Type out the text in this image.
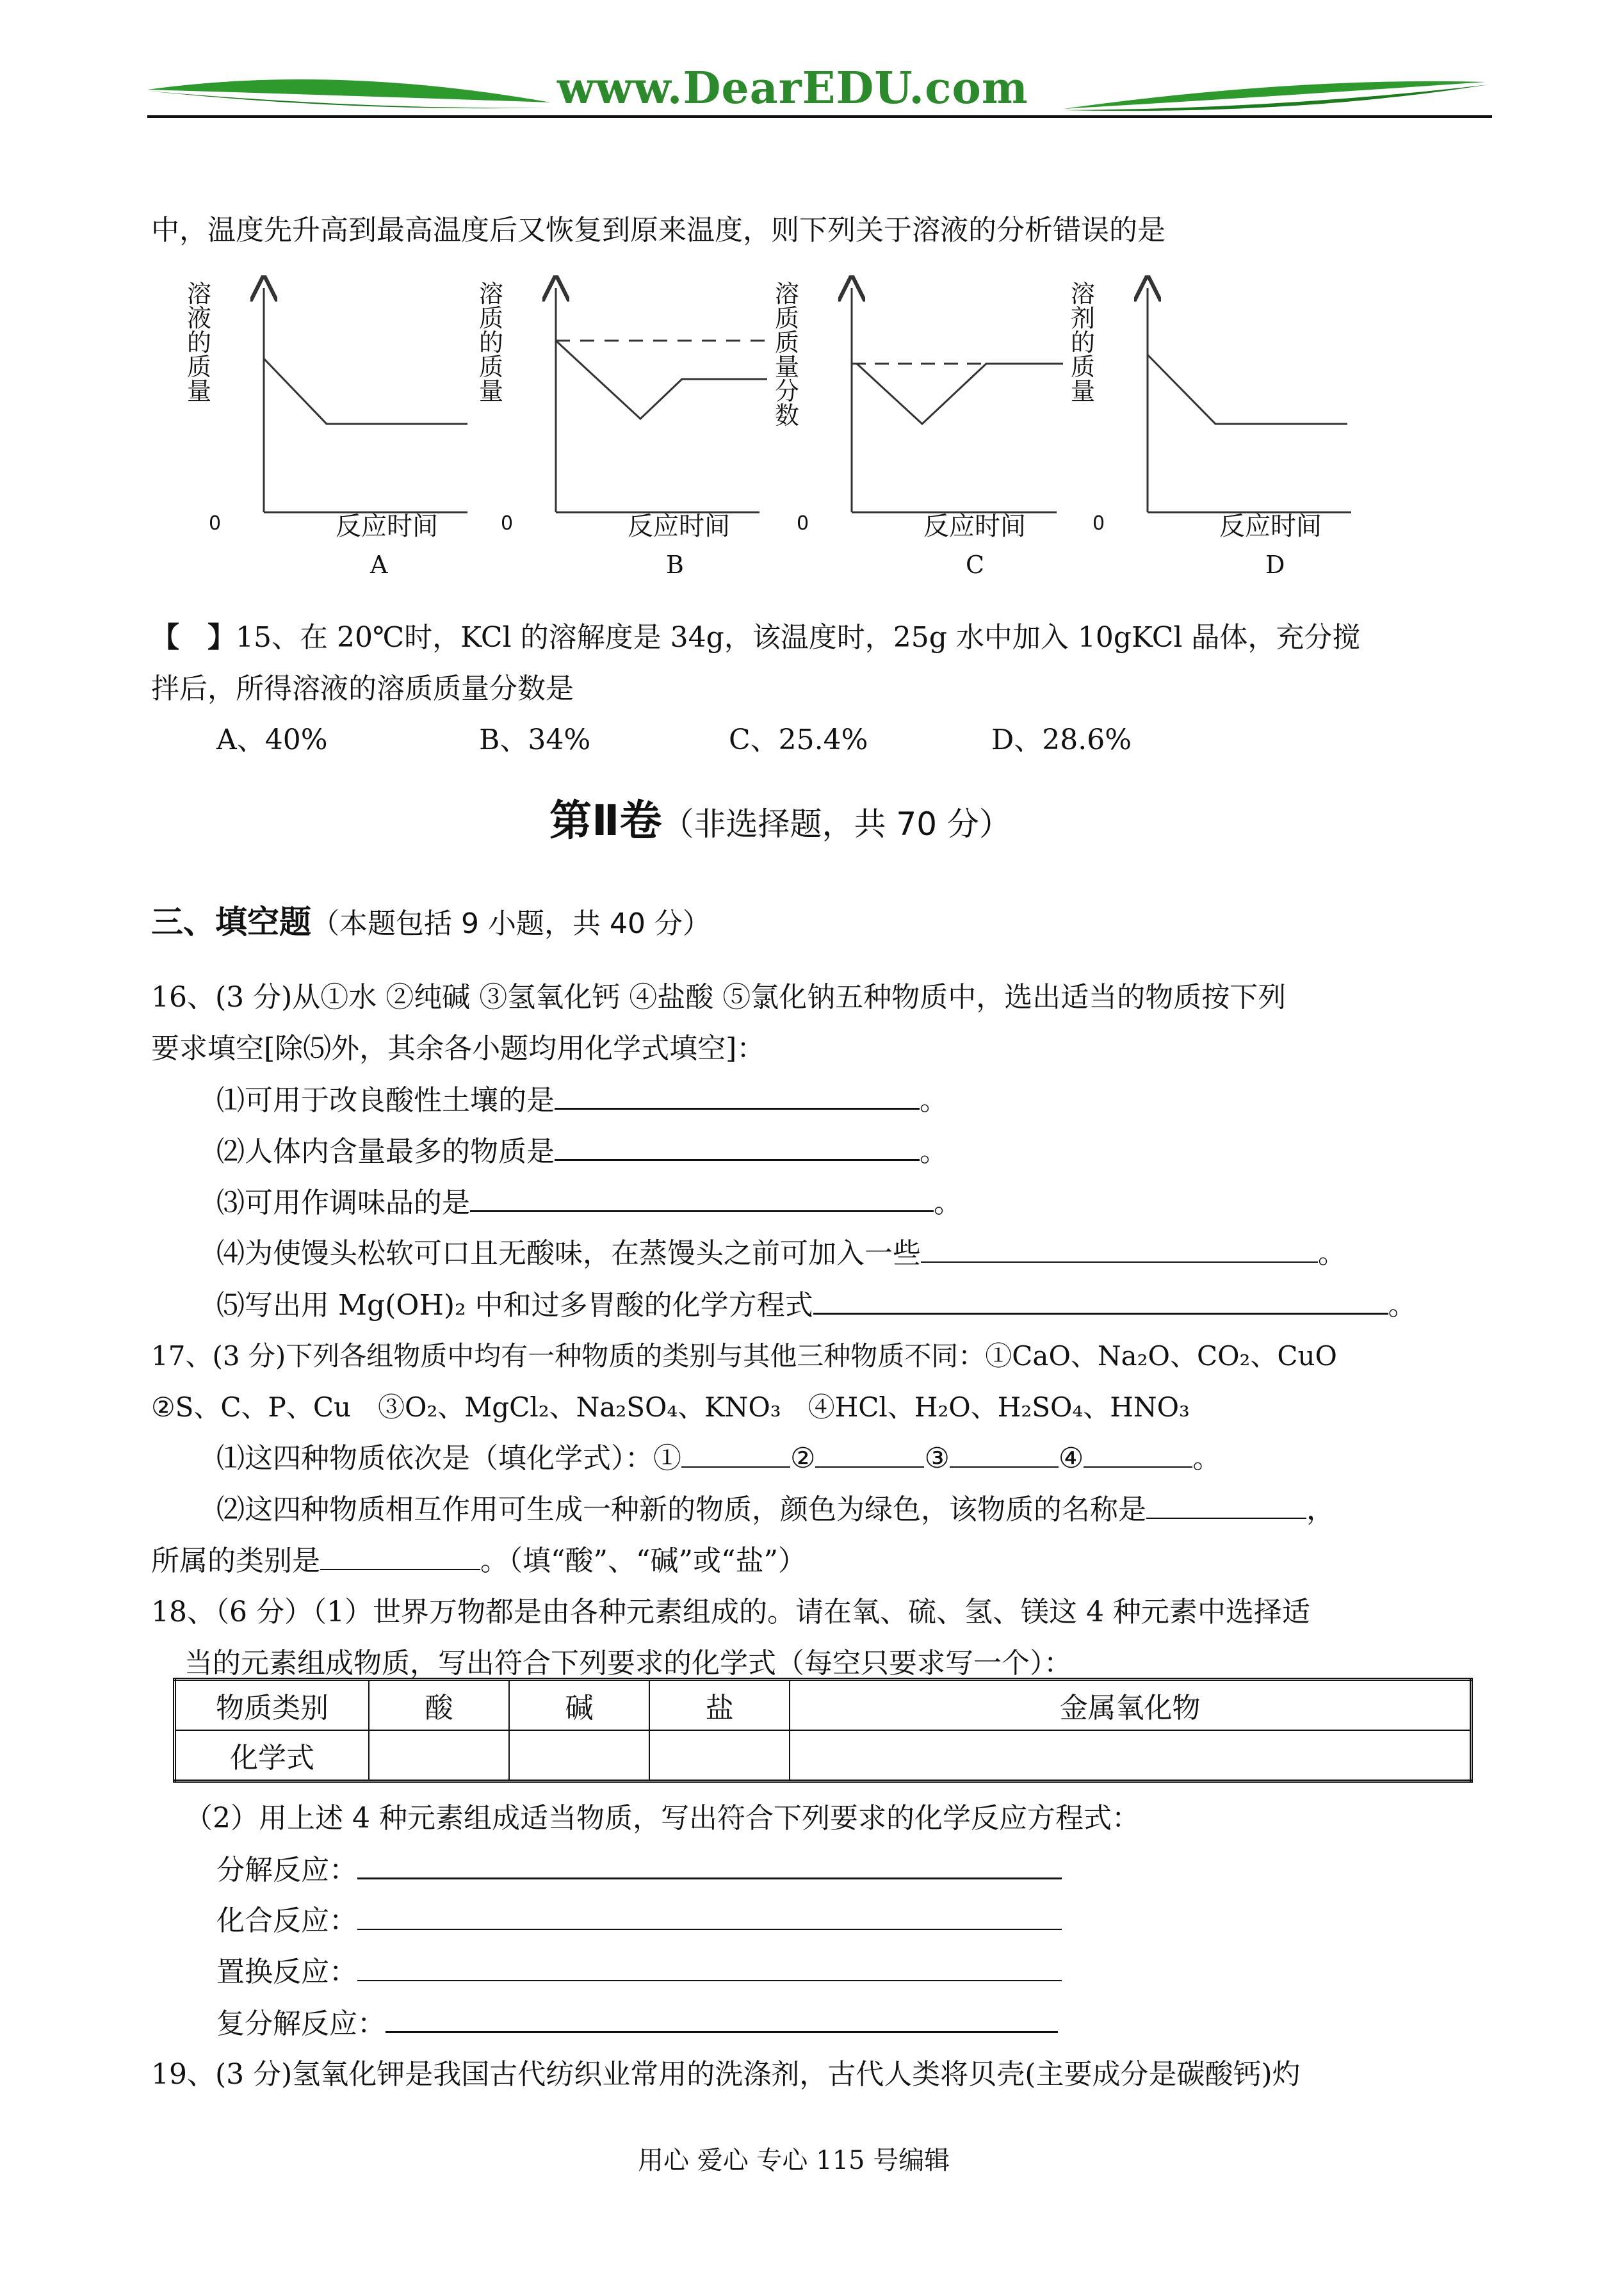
www.DearEDU.com
中，温度先升高到最高温度后又恢复到原来温度，则下列关于溶液的分析错误的是
溶
液
的
质
量
0	反应时间
A
溶
质
的
质
量
0	反应时间
B
溶
质
质
量
分
数
0	反应时间
C
溶
剂
的
质
量
0	反应时间
D
【　】15、在 20℃时，KCl 的溶解度是 34g，该温度时，25g 水中加入 10gKCl 晶体，充分搅
拌后，所得溶液的溶质质量分数是
A、40%	B、34%	C、25.4%	D、28.6%
第Ⅱ卷（非选择题，共 70 分）
三、填空题（本题包括 9 小题，共 40 分）
16、(3 分)从①水 ②纯碱 ③氢氧化钙 ④盐酸 ⑤氯化钠五种物质中，选出适当的物质按下列
要求填空[除⑸外，其余各小题均用化学式填空]：
⑴可用于改良酸性土壤的是	。
⑵人体内含量最多的物质是	。
⑶可用作调味品的是	。
⑷为使馒头松软可口且无酸味，在蒸馒头之前可加入一些	。
⑸写出用 Mg(OH)₂ 中和过多胃酸的化学方程式	。
17、(3 分)下列各组物质中均有一种物质的类别与其他三种物质不同：①CaO、Na₂O、CO₂、CuO
②S、C、P、Cu　③O₂、MgCl₂、Na₂SO₄、KNO₃　④HCl、H₂O、H₂SO₄、HNO₃
⑴这四种物质依次是（填化学式）：①	②	③	④	。
⑵这四种物质相互作用可生成一种新的物质，颜色为绿色，该物质的名称是	，
所属的类别是	。（填“酸”、“碱”或“盐”）
18、（6 分）（1）世界万物都是由各种元素组成的。请在氧、硫、氢、镁这 4 种元素中选择适
当的元素组成物质，写出符合下列要求的化学式（每空只要求写一个）：
物质类别	酸	碱	盐	金属氧化物
化学式				
（2）用上述 4 种元素组成适当物质，写出符合下列要求的化学反应方程式：
分解反应：
化合反应：
置换反应：
复分解反应：
19、(3 分)氢氧化钾是我国古代纺织业常用的洗涤剂，古代人类将贝壳(主要成分是碳酸钙)灼
用心 爱心 专心 115 号编辑
